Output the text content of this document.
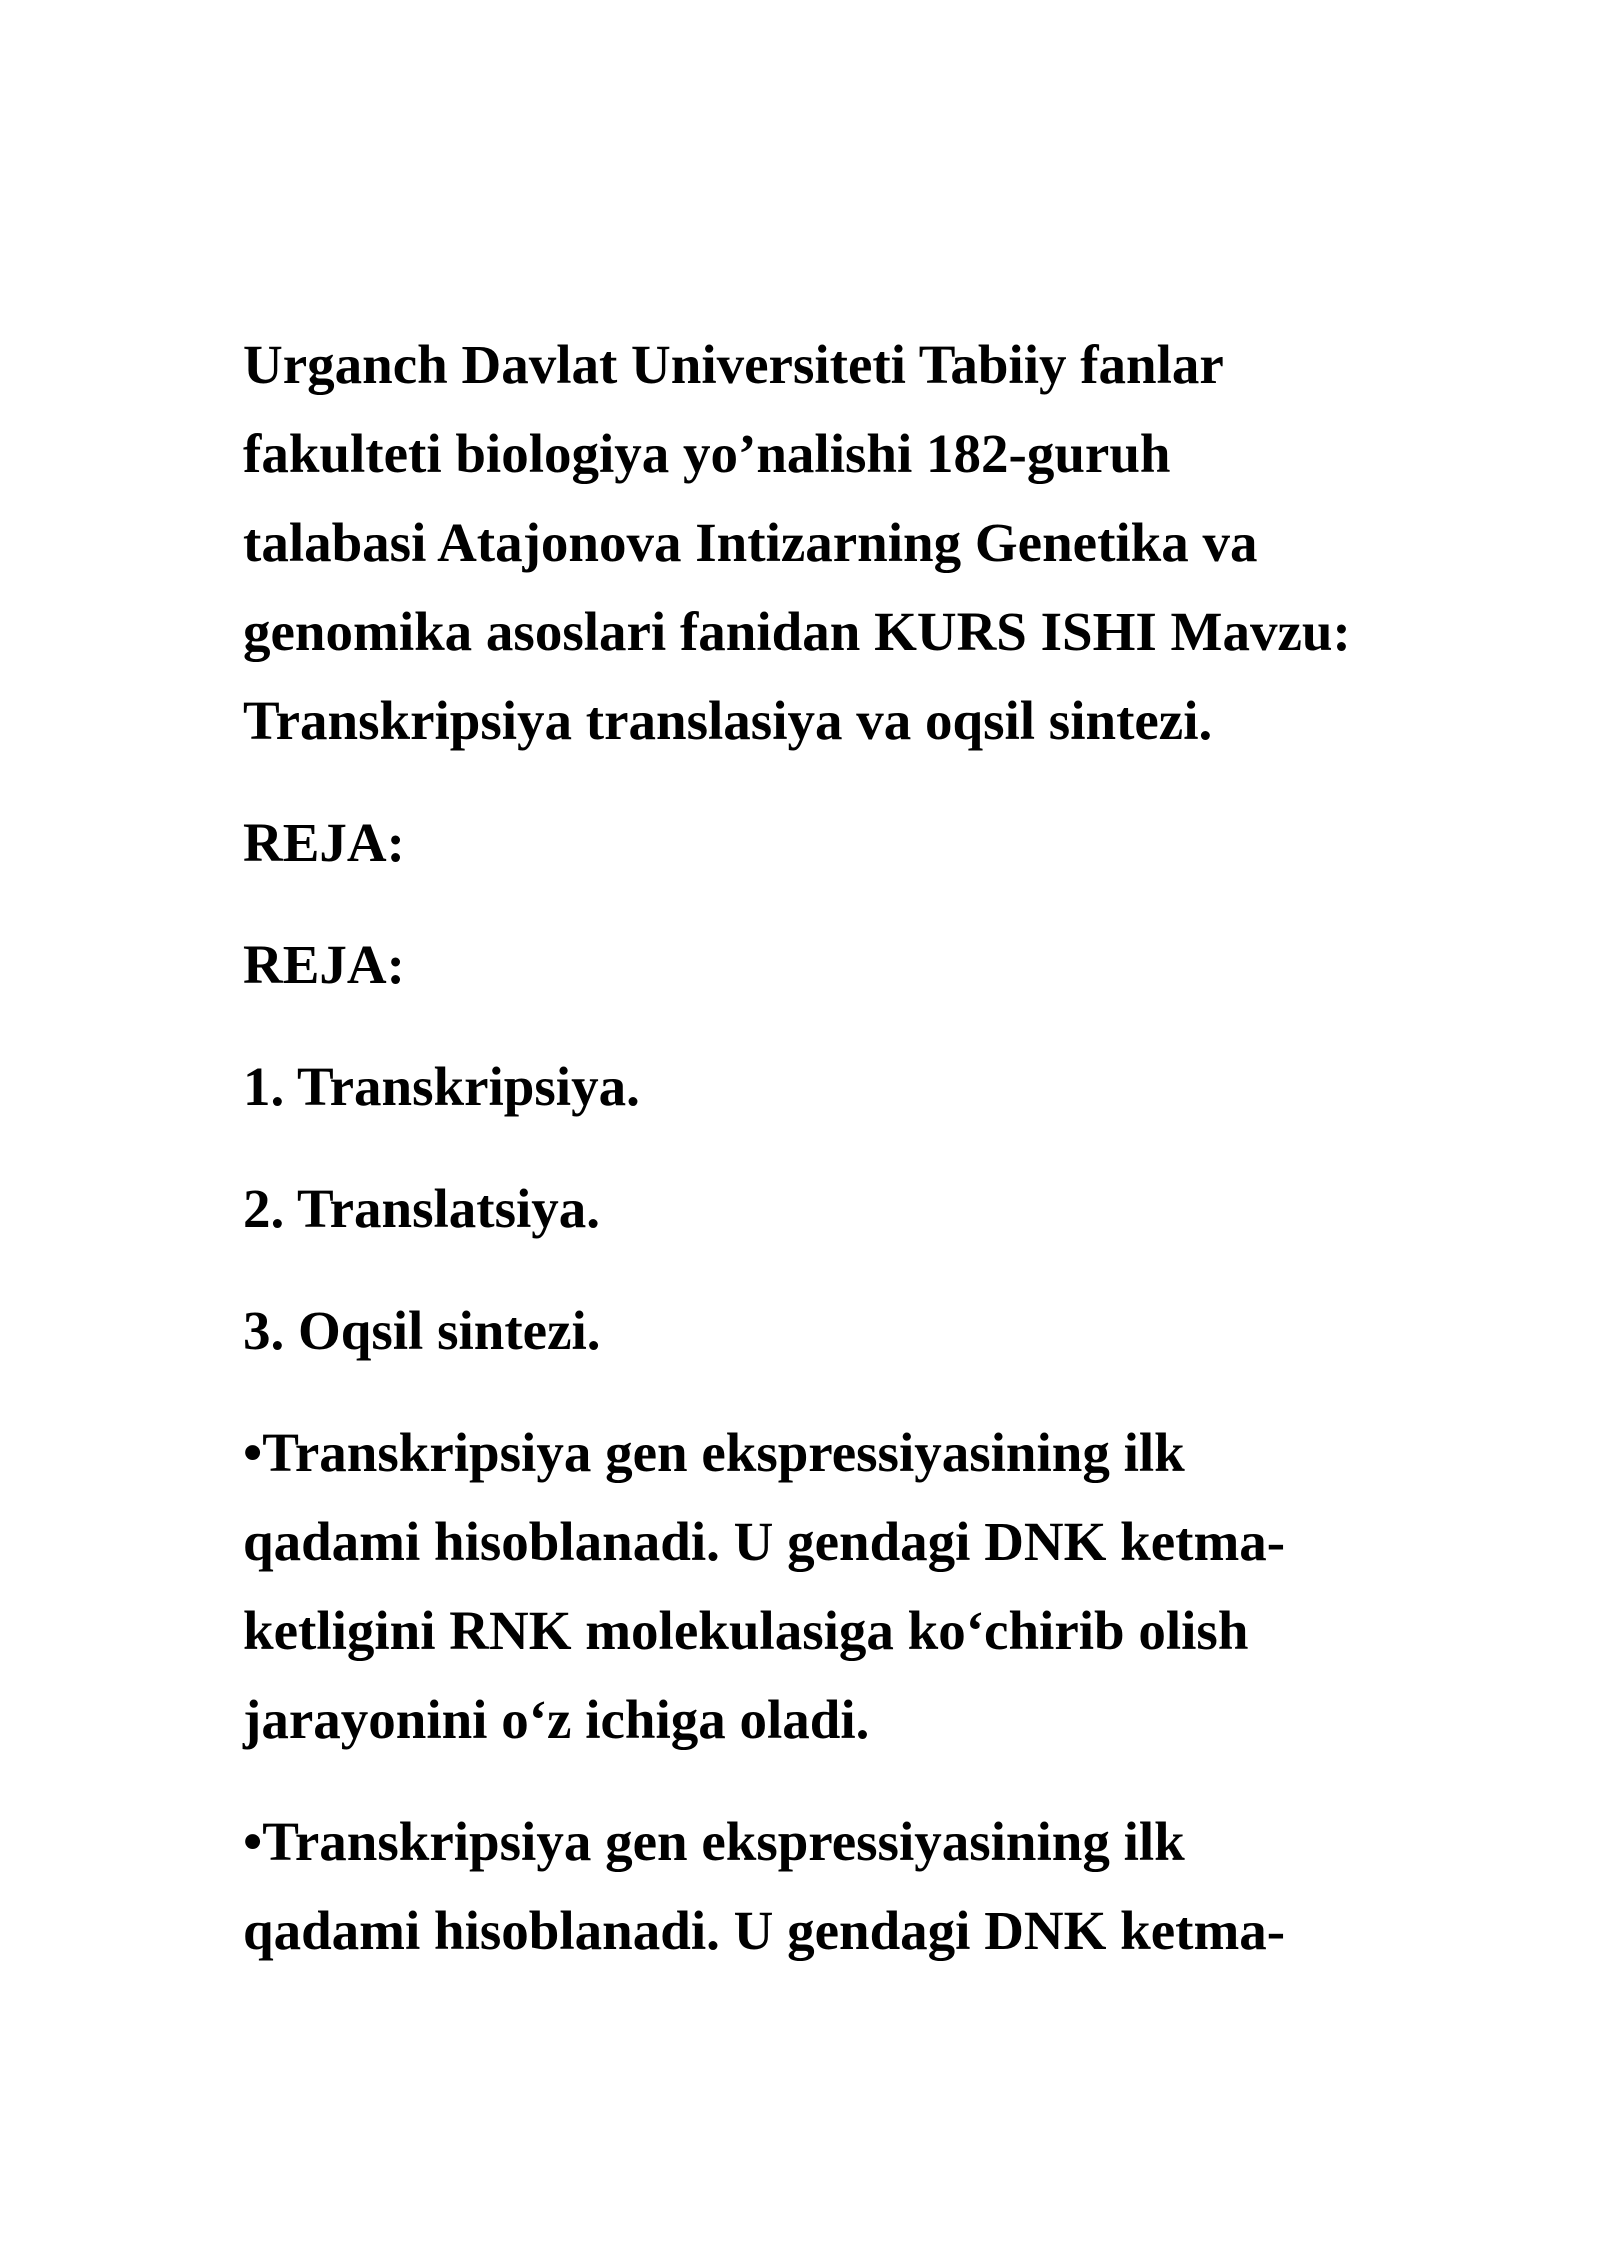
Urganch Davlat Universiteti Tabiiy fanlar
fakulteti biologiya yo’nalishi 182-guruh
talabasi Atajonova Intizarning Genetika va
genomika asoslari fanidan KURS ISHI Mavzu:
Transkripsiya translasiya va oqsil sintezi.
REJA:
REJA:
1. Transkripsiya.
2. Translatsiya.
3. Oqsil sintezi.
•Transkripsiya gen ekspressiyasining ilk
qadami hisoblanadi. U gendagi DNK ketma-
ketligini RNK molekulasiga ko‘chirib olish
jarayonini o‘z ichiga oladi.
•Transkripsiya gen ekspressiyasining ilk
qadami hisoblanadi. U gendagi DNK ketma-
